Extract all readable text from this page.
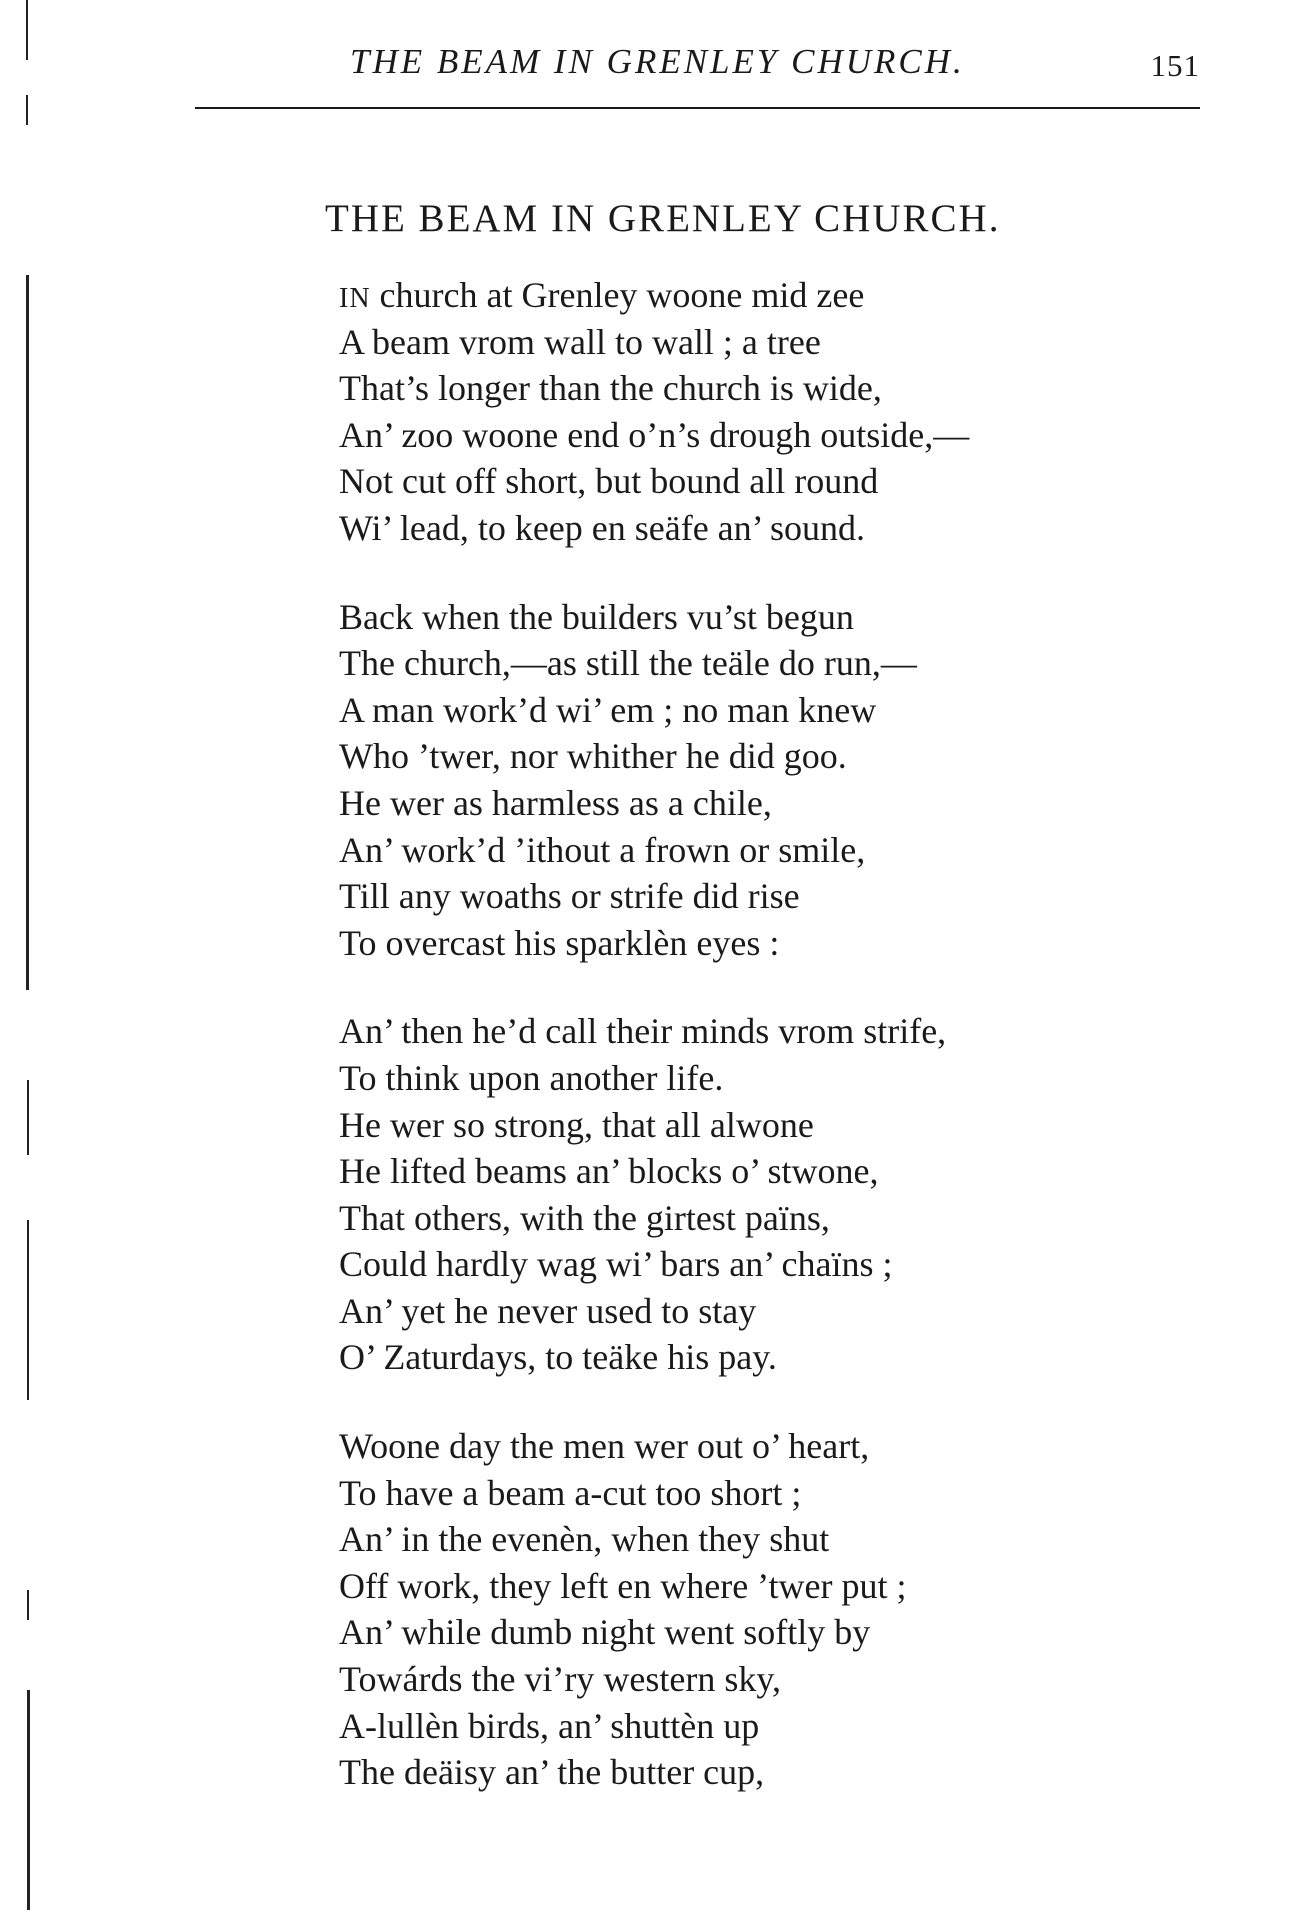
THE BEAM IN GRENLEY CHURCH.	151
THE BEAM IN GRENLEY CHURCH.
IN church at Grenley woone mid zee
A beam vrom wall to wall ; a tree
That’s longer than the church is wide,
An’ zoo woone end o’n’s drough outside,—
Not cut off short, but bound all round
Wi’ lead, to keep en seäfe an’ sound.
Back when the builders vu’st begun
The church,—as still the teäle do run,—
A man work’d wi’ em ; no man knew
Who ’twer, nor whither he did goo.
He wer as harmless as a chile,
An’ work’d ’ithout a frown or smile,
Till any woaths or strife did rise
To overcast his sparklèn eyes :
An’ then he’d call their minds vrom strife,
To think upon another life.
He wer so strong, that all alwone
He lifted beams an’ blocks o’ stwone,
That others, with the girtest païns,
Could hardly wag wi’ bars an’ chaïns ;
An’ yet he never used to stay
O’ Zaturdays, to teäke his pay.
Woone day the men wer out o’ heart,
To have a beam a-cut too short ;
An’ in the evenèn, when they shut
Off work, they left en where ’twer put ;
An’ while dumb night went softly by
Towárds the vi’ry western sky,
A-lullèn birds, an’ shuttèn up
The deäisy an’ the butter cup,
